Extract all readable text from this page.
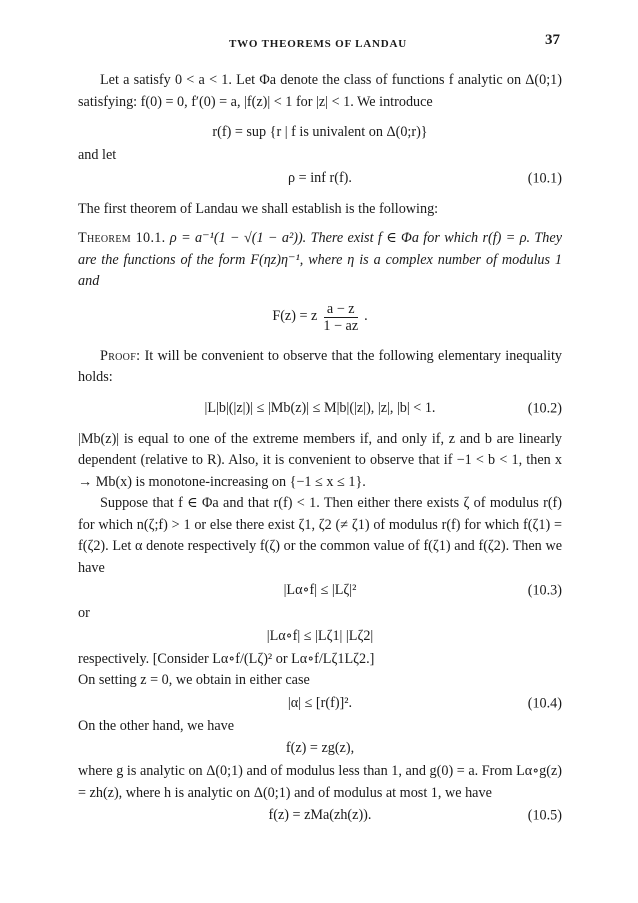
TWO THEOREMS OF LANDAU	37

Let a satisfy 0 < a < 1. Let Φa denote the class of functions f analytic on Δ(0;1) satisfying: f(0) = 0, f′(0) = a, |f(z)| < 1 for |z| < 1. We introduce

r(f) = sup {r | f is univalent on Δ(0;r)}

and let

ρ = inf r(f).	(10.1)

The first theorem of Landau we shall establish is the following:

Theorem 10.1. ρ = a⁻¹(1 − √(1 − a²)). There exist f ∈ Φa for which r(f) = ρ. They are the functions of the form F(ηz)η⁻¹, where η is a complex number of modulus 1 and

F(z) = z $\frac{a - z}{1 - az}$ .

Proof: It will be convenient to observe that the following elementary inequality holds:

|L|b|(|z|)| ≤ |Mb(z)| ≤ M|b|(|z|), |z|, |b| < 1.	(10.2)

|Mb(z)| is equal to one of the extreme members if, and only if, z and b are linearly dependent (relative to R). Also, it is convenient to observe that if −1 < b < 1, then x → Mb(x) is monotone-increasing on {−1 ≤ x ≤ 1}.

Suppose that f ∈ Φa and that r(f) < 1. Then either there exists ζ of modulus r(f) for which n(ζ;f) > 1 or else there exist ζ1, ζ2 (≠ ζ1) of modulus r(f) for which f(ζ1) = f(ζ2). Let α denote respectively f(ζ) or the common value of f(ζ1) and f(ζ2). Then we have

|Lα∘f| ≤ |Lζ|²	(10.3)

or

|Lα∘f| ≤ |Lζ1| |Lζ2|

respectively. [Consider Lα∘f/(Lζ)² or Lα∘f/Lζ1Lζ2.]

On setting z = 0, we obtain in either case

|α| ≤ [r(f)]².	(10.4)

On the other hand, we have

f(z) = zg(z),

where g is analytic on Δ(0;1) and of modulus less than 1, and g(0) = a. From Lα∘g(z) = zh(z), where h is analytic on Δ(0;1) and of modulus at most 1, we have

f(z) = zMa(zh(z)).	(10.5)
